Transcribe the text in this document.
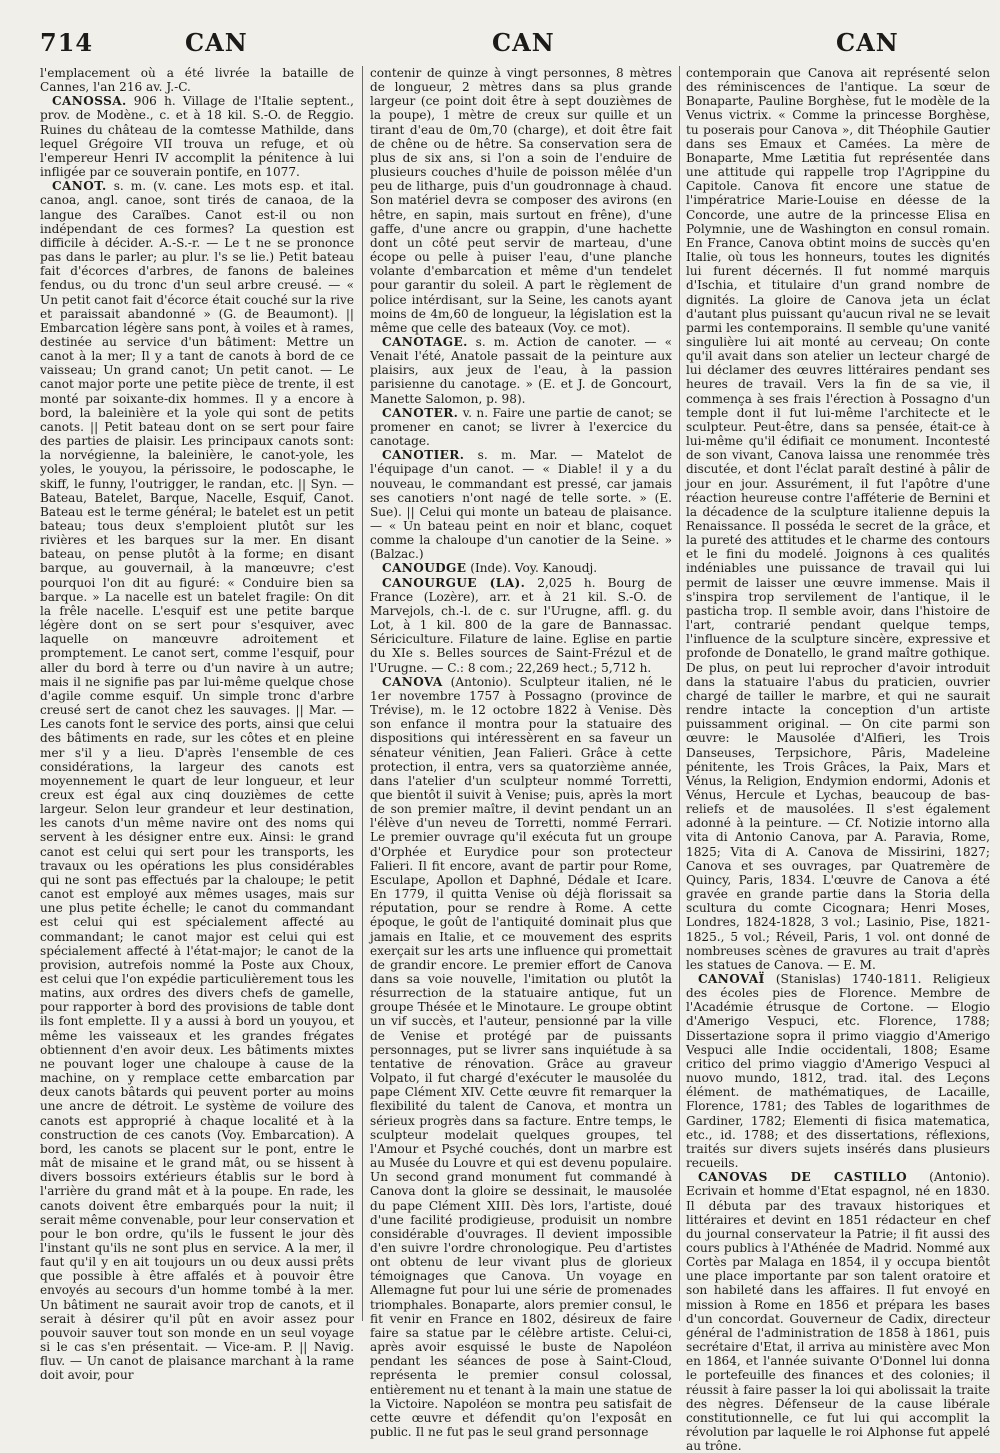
714	CAN	CAN	CAN

l'emplacement où a été livrée la bataille de Cannes, l'an 216 av. J.-C.

CANOSSA. 906 h. Village de l'Italie septent., prov. de Modène., c. et à 18 kil. S.-O. de Reggio. Ruines du château de la comtesse Mathilde, dans lequel Grégoire VII trouva un refuge, et où l'empereur Henri IV accomplit la pénitence à lui infligée par ce souverain pontife, en 1077.

CANOT. s. m. (v. cane. Les mots esp. et ital. canoa, angl. canoe, sont tirés de canaoa, de la langue des Caraïbes. Canot est-il ou non indépendant de ces formes? La question est difficile à décider. A.-S.-r. — Le t ne se prononce pas dans le parler; au plur. l's se lie.) Petit bateau fait d'écorces d'arbres, de fanons de baleines fendus, ou du tronc d'un seul arbre creusé. — « Un petit canot fait d'écorce était couché sur la rive et paraissait abandonné » (G. de Beaumont). || Embarcation légère sans pont, à voiles et à rames, destinée au service d'un bâtiment: Mettre un canot à la mer; Il y a tant de canots à bord de ce vaisseau; Un grand canot; Un petit canot. — Le canot major porte une petite pièce de trente, il est monté par soixante-dix hommes. Il y a encore à bord, la baleinière et la yole qui sont de petits canots. || Petit bateau dont on se sert pour faire des parties de plaisir. Les principaux canots sont: la norvégienne, la baleinière, le canot-yole, les yoles, le youyou, la périssoire, le podoscaphe, le skiff, le funny, l'outrigger, le randan, etc. || Syn. — Bateau, Batelet, Barque, Nacelle, Esquif, Canot. Bateau est le terme général; le batelet est un petit bateau; tous deux s'emploient plutôt sur les rivières et les barques sur la mer. En disant bateau, on pense plutôt à la forme; en disant barque, au gouvernail, à la manœuvre; c'est pourquoi l'on dit au figuré: « Conduire bien sa barque. » La nacelle est un batelet fragile: On dit la frêle nacelle. L'esquif est une petite barque légère dont on se sert pour s'esquiver, avec laquelle on manœuvre adroitement et promptement. Le canot sert, comme l'esquif, pour aller du bord à terre ou d'un navire à un autre; mais il ne signifie pas par lui-même quelque chose d'agile comme esquif. Un simple tronc d'arbre creusé sert de canot chez les sauvages. || Mar. — Les canots font le service des ports, ainsi que celui des bâtiments en rade, sur les côtes et en pleine mer s'il y a lieu. D'après l'ensemble de ces considérations, la largeur des canots est moyennement le quart de leur longueur, et leur creux est égal aux cinq douzièmes de cette largeur. Selon leur grandeur et leur destination, les canots d'un même navire ont des noms qui servent à les désigner entre eux. Ainsi: le grand canot est celui qui sert pour les transports, les travaux ou les opérations les plus considérables qui ne sont pas effectués par la chaloupe; le petit canot est employé aux mêmes usages, mais sur une plus petite échelle; le canot du commandant est celui qui est spécialement affecté au commandant; le canot major est celui qui est spécialement affecté à l'état-major; le canot de la provision, autrefois nommé la Poste aux Choux, est celui que l'on expédie particulièrement tous les matins, aux ordres des divers chefs de gamelle, pour rapporter à bord des provisions de table dont ils font emplette. Il y a aussi à bord un youyou, et même les vaisseaux et les grandes frégates obtiennent d'en avoir deux. Les bâtiments mixtes ne pouvant loger une chaloupe à cause de la machine, on y remplace cette embarcation par deux canots bâtards qui peuvent porter au moins une ancre de détroit. Le système de voilure des canots est approprié à chaque localité et à la construction de ces canots (Voy. Embarcation). A bord, les canots se placent sur le pont, entre le mât de misaine et le grand mât, ou se hissent à divers bossoirs extérieurs établis sur le bord à l'arrière du grand mât et à la poupe. En rade, les canots doivent être embarqués pour la nuit; il serait même convenable, pour leur conservation et pour le bon ordre, qu'ils le fussent le jour dès l'instant qu'ils ne sont plus en service. A la mer, il faut qu'il y en ait toujours un ou deux aussi prêts que possible à être affalés et à pouvoir être envoyés au secours d'un homme tombé à la mer. Un bâtiment ne saurait avoir trop de canots, et il serait à désirer qu'il pût en avoir assez pour pouvoir sauver tout son monde en un seul voyage si le cas s'en présentait. — Vice-am. P. || Navig. fluv. — Un canot de plaisance marchant à la rame doit avoir, pour

contenir de quinze à vingt personnes, 8 mètres de longueur, 2 mètres dans sa plus grande largeur (ce point doit être à sept douzièmes de la poupe), 1 mètre de creux sur quille et un tirant d'eau de 0m,70 (charge), et doit être fait de chêne ou de hêtre. Sa conservation sera de plus de six ans, si l'on a soin de l'enduire de plusieurs couches d'huile de poisson mêlée d'un peu de litharge, puis d'un goudronnage à chaud. Son matériel devra se composer des avirons (en hêtre, en sapin, mais surtout en frêne), d'une gaffe, d'une ancre ou grappin, d'une hachette dont un côté peut servir de marteau, d'une écope ou pelle à puiser l'eau, d'une planche volante d'embarcation et même d'un tendelet pour garantir du soleil. A part le règlement de police intérdisant, sur la Seine, les canots ayant moins de 4m,60 de longueur, la législation est la même que celle des bateaux (Voy. ce mot).

CANOTAGE. s. m. Action de canoter. — « Venait l'été, Anatole passait de la peinture aux plaisirs, aux jeux de l'eau, à la passion parisienne du canotage. » (E. et J. de Goncourt, Manette Salomon, p. 98).

CANOTER. v. n. Faire une partie de canot; se promener en canot; se livrer à l'exercice du canotage.

CANOTIER. s. m. Mar. — Matelot de l'équipage d'un canot. — « Diable! il y a du nouveau, le commandant est pressé, car jamais ses canotiers n'ont nagé de telle sorte. » (E. Sue). || Celui qui monte un bateau de plaisance. — « Un bateau peint en noir et blanc, coquet comme la chaloupe d'un canotier de la Seine. » (Balzac.)

CANOUDGE (Inde). Voy. Kanoudj.

CANOURGUE (LA). 2,025 h. Bourg de France (Lozère), arr. et à 21 kil. S.-O. de Marvejols, ch.-l. de c. sur l'Urugne, affl. g. du Lot, à 1 kil. 800 de la gare de Bannassac. Sériciculture. Filature de laine. Eglise en partie du XIe s. Belles sources de Saint-Frézul et de l'Urugne. — C.: 8 com.; 22,269 hect.; 5,712 h.

CANOVA (Antonio). Sculpteur italien, né le 1er novembre 1757 à Possagno (province de Trévise), m. le 12 octobre 1822 à Venise. Dès son enfance il montra pour la statuaire des dispositions qui intéressèrent en sa faveur un sénateur vénitien, Jean Falieri. Grâce à cette protection, il entra, vers sa quatorzième année, dans l'atelier d'un sculpteur nommé Torretti, que bientôt il suivit à Venise; puis, après la mort de son premier maître, il devint pendant un an l'élève d'un neveu de Torretti, nommé Ferrari. Le premier ouvrage qu'il exécuta fut un groupe d'Orphée et Eurydice pour son protecteur Falieri. Il fit encore, avant de partir pour Rome, Esculape, Apollon et Daphné, Dédale et Icare. En 1779, il quitta Venise où déjà florissait sa réputation, pour se rendre à Rome. A cette époque, le goût de l'antiquité dominait plus que jamais en Italie, et ce mouvement des esprits exerçait sur les arts une influence qui promettait de grandir encore. Le premier effort de Canova dans sa voie nouvelle, l'imitation ou plutôt la résurrection de la statuaire antique, fut un groupe Thésée et le Minotaure. Le groupe obtint un vif succès, et l'auteur, pensionné par la ville de Venise et protégé par de puissants personnages, put se livrer sans inquiétude à sa tentative de rénovation. Grâce au graveur Volpato, il fut chargé d'exécuter le mausolée du pape Clément XIV. Cette œuvre fit remarquer la flexibilité du talent de Canova, et montra un sérieux progrès dans sa facture. Entre temps, le sculpteur modelait quelques groupes, tel l'Amour et Psyché couchés, dont un marbre est au Musée du Louvre et qui est devenu populaire. Un second grand monument fut commandé à Canova dont la gloire se dessinait, le mausolée du pape Clément XIII. Dès lors, l'artiste, doué d'une facilité prodigieuse, produisit un nombre considérable d'ouvrages. Il devient impossible d'en suivre l'ordre chronologique. Peu d'artistes ont obtenu de leur vivant plus de glorieux témoignages que Canova. Un voyage en Allemagne fut pour lui une série de promenades triomphales. Bonaparte, alors premier consul, le fit venir en France en 1802, désireux de faire faire sa statue par le célèbre artiste. Celui-ci, après avoir esquissé le buste de Napoléon pendant les séances de pose à Saint-Cloud, représenta le premier consul colossal, entièrement nu et tenant à la main une statue de la Victoire. Napoléon se montra peu satisfait de cette œuvre et défendit qu'on l'exposât en public. Il ne fut pas le seul grand personnage

contemporain que Canova ait représenté selon des réminiscences de l'antique. La sœur de Bonaparte, Pauline Borghèse, fut le modèle de la Venus victrix. « Comme la princesse Borghèse, tu poserais pour Canova », dit Théophile Gautier dans ses Emaux et Camées. La mère de Bonaparte, Mme Lætitia fut représentée dans une attitude qui rappelle trop l'Agrippine du Capitole. Canova fit encore une statue de l'impératrice Marie-Louise en déesse de la Concorde, une autre de la princesse Elisa en Polymnie, une de Washington en consul romain. En France, Canova obtint moins de succès qu'en Italie, où tous les honneurs, toutes les dignités lui furent décernés. Il fut nommé marquis d'Ischia, et titulaire d'un grand nombre de dignités. La gloire de Canova jeta un éclat d'autant plus puissant qu'aucun rival ne se levait parmi les contemporains. Il semble qu'une vanité singulière lui ait monté au cerveau; On conte qu'il avait dans son atelier un lecteur chargé de lui déclamer des œuvres littéraires pendant ses heures de travail. Vers la fin de sa vie, il commença à ses frais l'érection à Possagno d'un temple dont il fut lui-même l'architecte et le sculpteur. Peut-être, dans sa pensée, était-ce à lui-même qu'il édifiait ce monument. Incontesté de son vivant, Canova laissa une renommée très discutée, et dont l'éclat paraît destiné à pâlir de jour en jour. Assurément, il fut l'apôtre d'une réaction heureuse contre l'afféterie de Bernini et la décadence de la sculpture italienne depuis la Renaissance. Il posséda le secret de la grâce, et la pureté des attitudes et le charme des contours et le fini du modelé. Joignons à ces qualités indéniables une puissance de travail qui lui permit de laisser une œuvre immense. Mais il s'inspira trop servilement de l'antique, il le pasticha trop. Il semble avoir, dans l'histoire de l'art, contrarié pendant quelque temps, l'influence de la sculpture sincère, expressive et profonde de Donatello, le grand maître gothique. De plus, on peut lui reprocher d'avoir introduit dans la statuaire l'abus du praticien, ouvrier chargé de tailler le marbre, et qui ne saurait rendre intacte la conception d'un artiste puissamment original. — On cite parmi son œuvre: le Mausolée d'Alfieri, les Trois Danseuses, Terpsichore, Pâris, Madeleine pénitente, les Trois Grâces, la Paix, Mars et Vénus, la Religion, Endymion endormi, Adonis et Vénus, Hercule et Lychas, beaucoup de bas-reliefs et de mausolées. Il s'est également adonné à la peinture. — Cf. Notizie intorno alla vita di Antonio Canova, par A. Paravia, Rome, 1825; Vita di A. Canova de Missirini, 1827; Canova et ses ouvrages, par Quatremère de Quincy, Paris, 1834. L'œuvre de Canova a été gravée en grande partie dans la Storia della scultura du comte Cicognara; Henri Moses, Londres, 1824-1828, 3 vol.; Lasinio, Pise, 1821-1825., 5 vol.; Réveil, Paris, 1 vol. ont donné de nombreuses scènes de gravures au trait d'après les statues de Canova. — E. M.

CANOVAÏ (Stanislas) 1740-1811. Religieux des écoles pies de Florence. Membre de l'Académie étrusque de Cortone. — Elogio d'Amerigo Vespuci, etc. Florence, 1788; Dissertazione sopra il primo viaggio d'Amerigo Vespuci alle Indie occidentali, 1808; Esame critico del primo viaggio d'Amerigo Vespuci al nuovo mundo, 1812, trad. ital. des Leçons élément. de mathématiques, de Lacaille, Florence, 1781; des Tables de logarithmes de Gardiner, 1782; Elementi di fisica matematica, etc., id. 1788; et des dissertations, réflexions, traités sur divers sujets insérés dans plusieurs recueils.

CANOVAS DE CASTILLO (Antonio). Ecrivain et homme d'Etat espagnol, né en 1830. Il débuta par des travaux historiques et littéraires et devint en 1851 rédacteur en chef du journal conservateur la Patrie; il fit aussi des cours publics à l'Athénée de Madrid. Nommé aux Cortès par Malaga en 1854, il y occupa bientôt une place importante par son talent oratoire et son habileté dans les affaires. Il fut envoyé en mission à Rome en 1856 et prépara les bases d'un concordat. Gouverneur de Cadix, directeur général de l'administration de 1858 à 1861, puis secrétaire d'Etat, il arriva au ministère avec Mon en 1864, et l'année suivante O'Donnel lui donna le portefeuille des finances et des colonies; il réussit à faire passer la loi qui abolissait la traite des nègres. Défenseur de la cause libérale constitutionnelle, ce fut lui qui accomplit la révolution par laquelle le roi Alphonse fut appelé au trône.
